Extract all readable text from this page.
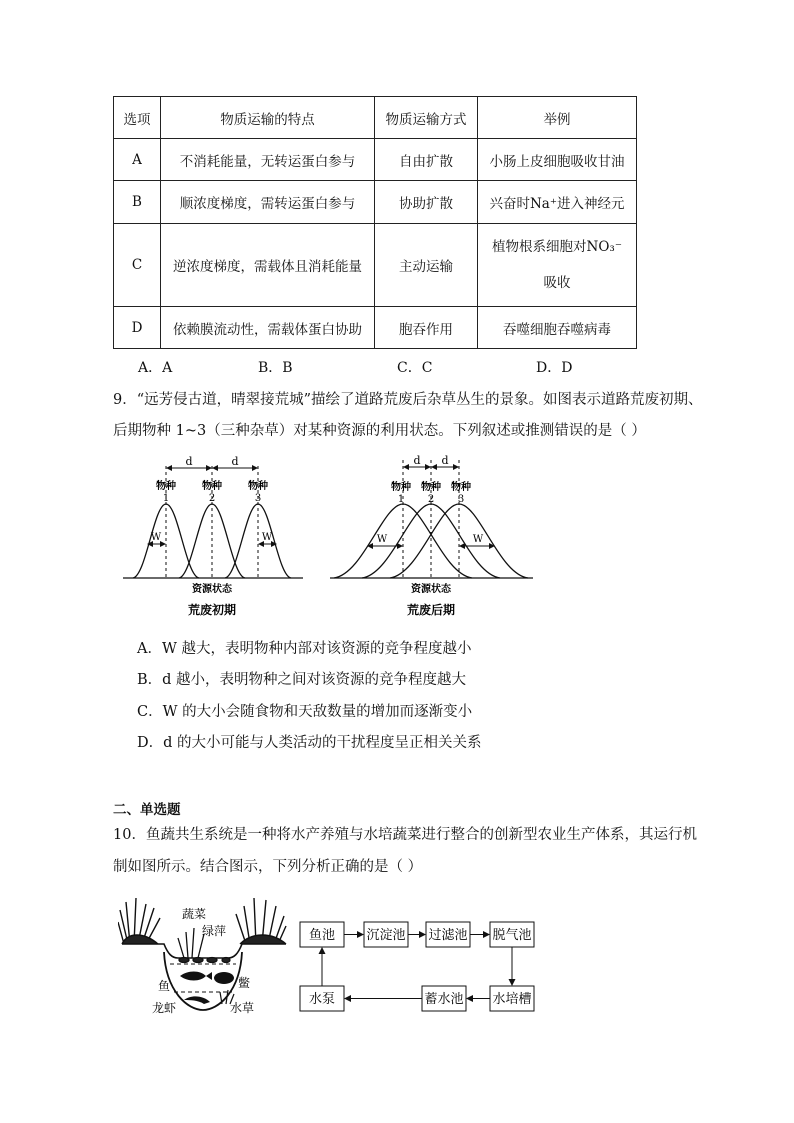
选项	物质运输的特点	物质运输方式	举例
A	不消耗能量，无转运蛋白参与	自由扩散	小肠上皮细胞吸收甘油
B	顺浓度梯度，需转运蛋白参与	协助扩散	兴奋时Na⁺进入神经元
C	逆浓度梯度，需载体且消耗能量	主动运输	植物根系细胞对NO₃⁻
吸收
D	依赖膜流动性，需载体蛋白协助	胞吞作用	吞噬细胞吞噬病毒
A．A	B．B	C．C	D．D
9．“远芳侵古道，晴翠接荒城”描绘了道路荒废后杂草丛生的景象。如图表示道路荒废初期、
后期物种 1~3（三种杂草）对某种资源的利用状态。下列叙述或推测错误的是（ ）
d	d
物种	物种	物种
1	2	3
W	W
资源状态
荒废初期
d d
物种 物种 物种
1 2 3
W	W
资源状态
荒废后期
A．W 越大，表明物种内部对该资源的竞争程度越小
B．d 越小，表明物种之间对该资源的竞争程度越大
C．W 的大小会随食物和天敌数量的增加而逐渐变小
D．d 的大小可能与人类活动的干扰程度呈正相关关系
二、单选题
10．鱼蔬共生系统是一种将水产养殖与水培蔬菜进行整合的创新型农业生产体系，其运行机
制如图所示。结合图示，下列分析正确的是（ ）
蔬菜
绿萍
鱼	鳖
龙虾	水草
鱼池 沉淀池 过滤池 脱气池
水培槽
蓄水池
水泵
